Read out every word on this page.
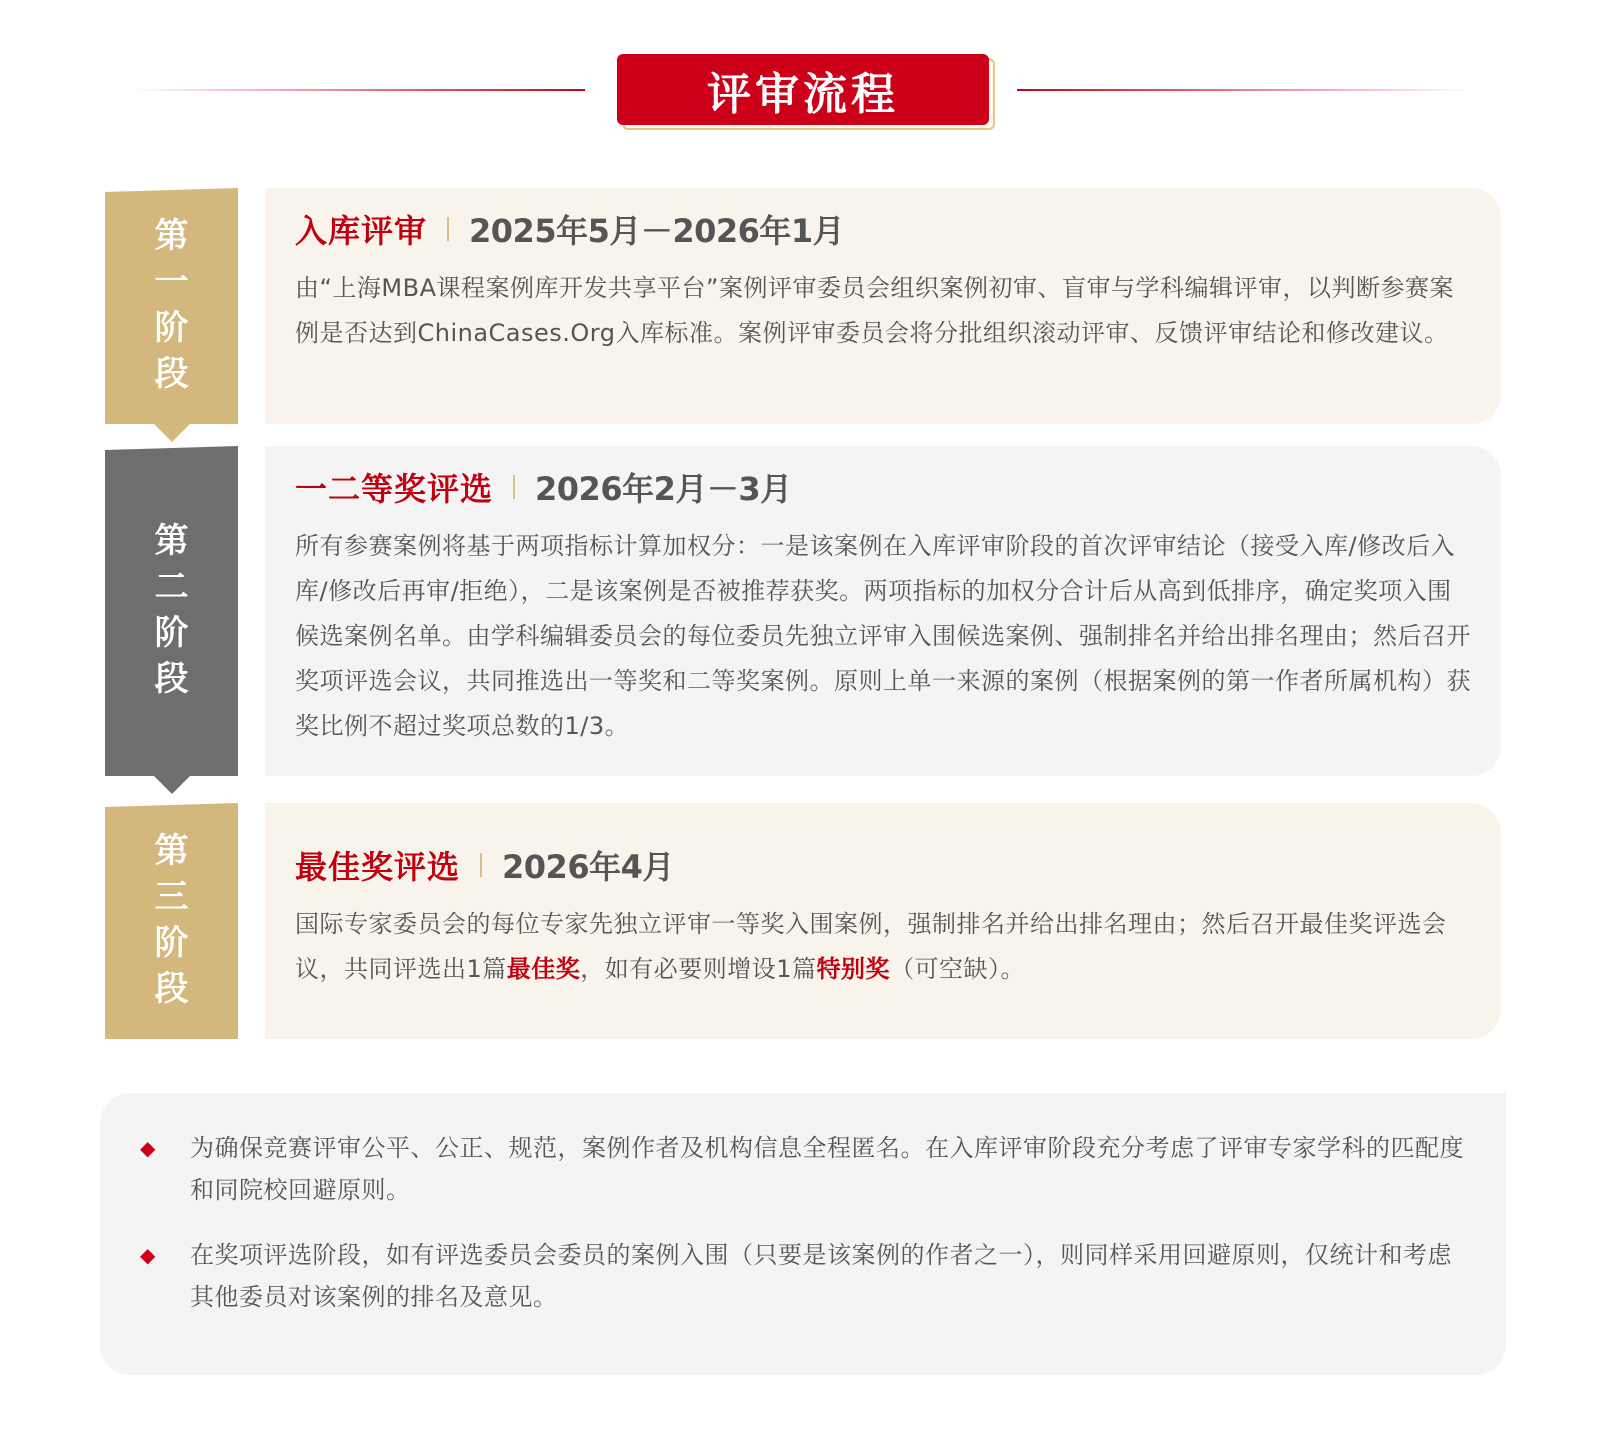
评审流程
第
一
阶
段
入库评审 2025年5月－2026年1月
由“上海MBA课程案例库开发共享平台”案例评审委员会组织案例初审、盲审与学科编辑评审，以判断参赛案例是否达到ChinaCases.Org入库标准。案例评审委员会将分批组织滚动评审、反馈评审结论和修改建议。
第
二
阶
段
一二等奖评选 2026年2月－3月
所有参赛案例将基于两项指标计算加权分：一是该案例在入库评审阶段的首次评审结论（接受入库/修改后入库/修改后再审/拒绝），二是该案例是否被推荐获奖。两项指标的加权分合计后从高到低排序，确定奖项入围候选案例名单。由学科编辑委员会的每位委员先独立评审入围候选案例、强制排名并给出排名理由；然后召开奖项评选会议，共同推选出一等奖和二等奖案例。原则上单一来源的案例（根据案例的第一作者所属机构）获奖比例不超过奖项总数的1/3。
第
三
阶
段
最佳奖评选 2026年4月
国际专家委员会的每位专家先独立评审一等奖入围案例，强制排名并给出排名理由；然后召开最佳奖评选会议，共同评选出1篇最佳奖，如有必要则增设1篇特别奖（可空缺）。
◆	为确保竞赛评审公平、公正、规范，案例作者及机构信息全程匿名。在入库评审阶段充分考虑了评审专家学科的匹配度和同院校回避原则。
◆	在奖项评选阶段，如有评选委员会委员的案例入围（只要是该案例的作者之一），则同样采用回避原则，仅统计和考虑其他委员对该案例的排名及意见。
